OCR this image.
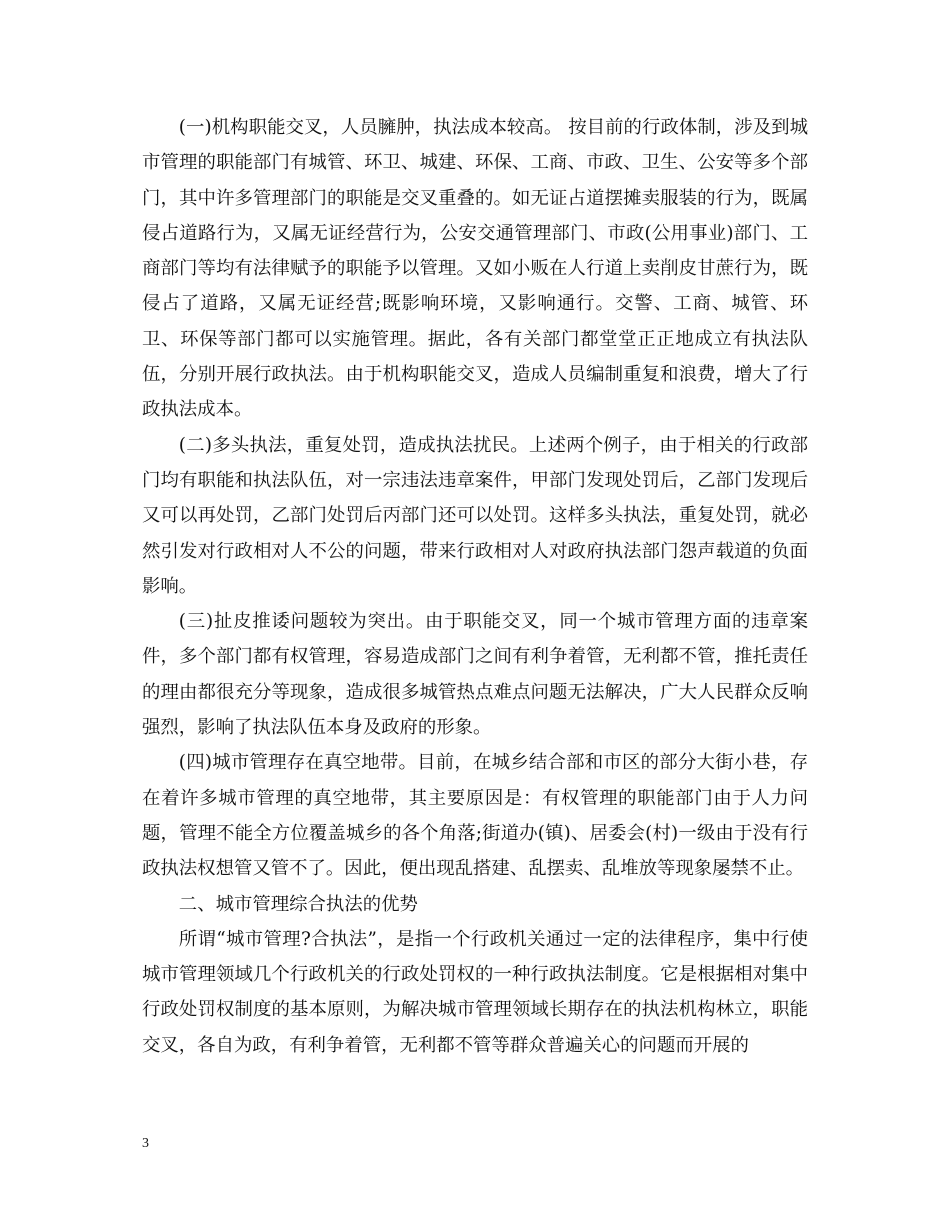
(一)机构职能交叉，人员臃肿，执法成本较高。 按目前的行政体制，涉及到城市管理的职能部门有城管、环卫、城建、环保、工商、市政、卫生、公安等多个部门，其中许多管理部门的职能是交叉重叠的。如无证占道摆摊卖服装的行为，既属侵占道路行为，又属无证经营行为，公安交通管理部门、市政(公用事业)部门、工商部门等均有法律赋予的职能予以管理。又如小贩在人行道上卖削皮甘蔗行为，既侵占了道路，又属无证经营;既影响环境，又影响通行。交警、工商、城管、环卫、环保等部门都可以实施管理。据此，各有关部门都堂堂正正地成立有执法队伍，分别开展行政执法。由于机构职能交叉，造成人员编制重复和浪费，增大了行政执法成本。

(二)多头执法，重复处罚，造成执法扰民。上述两个例子，由于相关的行政部门均有职能和执法队伍，对一宗违法违章案件，甲部门发现处罚后，乙部门发现后又可以再处罚，乙部门处罚后丙部门还可以处罚。这样多头执法，重复处罚，就必然引发对行政相对人不公的问题，带来行政相对人对政府执法部门怨声载道的负面影响。

(三)扯皮推诿问题较为突出。由于职能交叉，同一个城市管理方面的违章案件，多个部门都有权管理，容易造成部门之间有利争着管，无利都不管，推托责任的理由都很充分等现象，造成很多城管热点难点问题无法解决，广大人民群众反响强烈，影响了执法队伍本身及政府的形象。

(四)城市管理存在真空地带。目前，在城乡结合部和市区的部分大街小巷，存在着许多城市管理的真空地带，其主要原因是：有权管理的职能部门由于人力问题，管理不能全方位覆盖城乡的各个角落;街道办(镇)、居委会(村)一级由于没有行政执法权想管又管不了。因此，便出现乱搭建、乱摆卖、乱堆放等现象屡禁不止。

二、城市管理综合执法的优势

所谓“城市管理?合执法”，是指一个行政机关通过一定的法律程序，集中行使城市管理领域几个行政机关的行政处罚权的一种行政执法制度。它是根据相对集中行政处罚权制度的基本原则，为解决城市管理领域长期存在的执法机构林立，职能交叉，各自为政，有利争着管，无利都不管等群众普遍关心的问题而开展的

3
